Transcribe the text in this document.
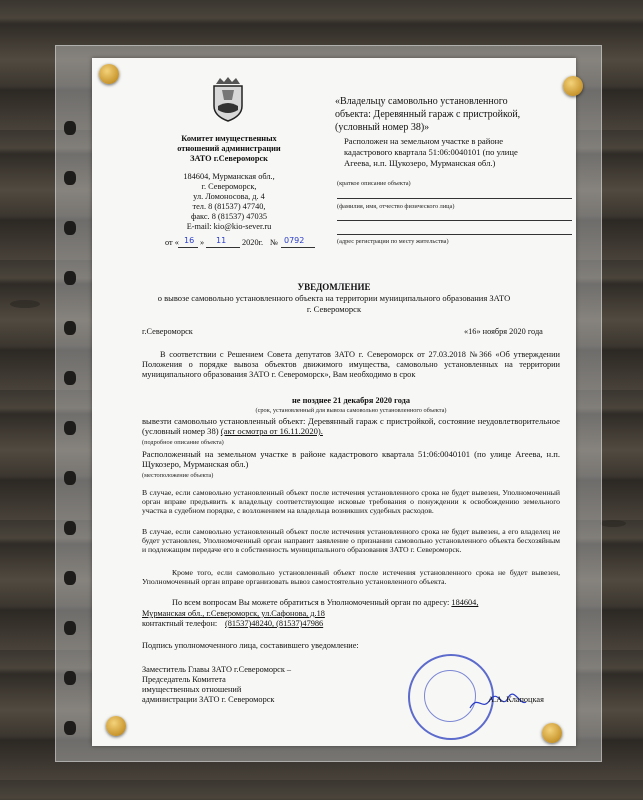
Комитет имущественных
отношений администрации
ЗАТО г.Североморск
184604, Мурманская обл.,
г. Североморск,
ул. Ломоносова, д. 4
тел. 8 (81537) 47740,
факс. 8 (81537) 47035
E-mail: kio@kio-sever.ru
от « 16 » 11 2020г. № 0792
«Владельцу самовольно установленного
объекта: Деревянный гараж с пристройкой,
(условный номер 38)»
Расположен на земельном участке в районе
кадастрового квартала 51:06:0040101 (по улице
Агеева, н.п. Щукозеро, Мурманская обл.)
(краткое описание объекта)
(фамилия, имя, отчество физического лица)
(адрес регистрации по месту жительства)
УВЕДОМЛЕНИЕ
о вывозе самовольно установленного объекта на территории муниципального образования ЗАТО
г. Североморск
г.Североморск	«16» ноября 2020 года
В соответствии с Решением Совета депутатов ЗАТО г. Североморск от 27.03.2018 №366 «Об утверждении Положения о порядке вывоза объектов движимого имущества, самовольно установленных на территории муниципального образования ЗАТО г. Североморск», Вам необходимо в срок
не позднее 21 декабря 2020 года
(срок, установленный для вывоза самовольно установленного объекта)
вывезти самовольно установленный объект: Деревянный гараж с пристройкой, состояние неудовлетворительное (условный номер 38) (акт осмотра от 16.11.2020).
(подробное описание объекта)
Расположенный на земельном участке в районе кадастрового квартала 51:06:0040101 (по улице Агеева, н.п. Щукозеро, Мурманская обл.)
(местоположение объекта)
В случае, если самовольно установленный объект после истечения установленного срока не будет вывезен, Уполномоченный орган вправе предъявить к владельцу соответствующие исковые требования о понуждении к освобождению земельного участка в судебном порядке, с возложением на владельца возникших судебных расходов.
В случае, если самовольно установленный объект после истечения установленного срока не будет вывезен, а его владелец не будет установлен, Уполномоченный орган направит заявление о признании самовольно установленного объекта бесхозяйным и подлежащим передаче его в собственность муниципального образования ЗАТО г. Североморск.
Кроме того, если самовольно установленный объект после истечения установленного срока не будет вывезен, Уполномоченный орган вправе организовать вывоз самостоятельно установленного объекта.
По всем вопросам Вы можете обратиться в Уполномоченный орган по адресу: 184604,
Мурманская обл., г.Североморск, ул.Сафонова, д.18
контактный телефон: (81537)48240, (81537)47986
Подпись уполномоченного лица, составившего уведомление:
Заместитель Главы ЗАТО г.Североморск –
Председатель Комитета
имущественных отношений
администрации ЗАТО г. Североморск	А.А. Клапоцкая
